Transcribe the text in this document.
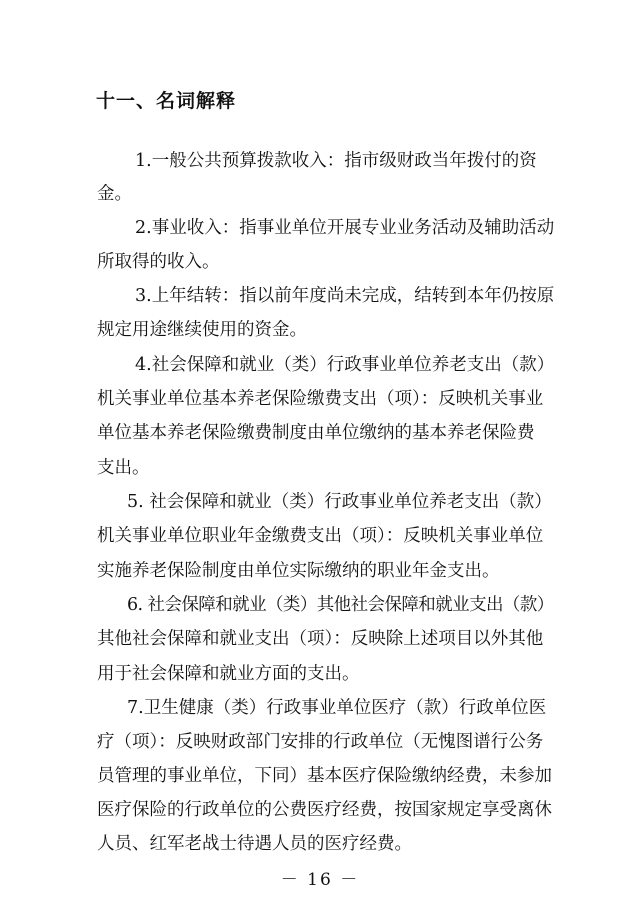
十一、名词解释
1.一般公共预算拨款收入：指市级财政当年拨付的资
金。
2.事业收入：指事业单位开展专业业务活动及辅助活动
所取得的收入。
3.上年结转：指以前年度尚未完成，结转到本年仍按原
规定用途继续使用的资金。
4.社会保障和就业（类）行政事业单位养老支出（款）
机关事业单位基本养老保险缴费支出（项）：反映机关事业
单位基本养老保险缴费制度由单位缴纳的基本养老保险费
支出。
5. 社会保障和就业（类）行政事业单位养老支出（款）
机关事业单位职业年金缴费支出（项）：反映机关事业单位
实施养老保险制度由单位实际缴纳的职业年金支出。
6. 社会保障和就业（类）其他社会保障和就业支出（款）
其他社会保障和就业支出（项）：反映除上述项目以外其他
用于社会保障和就业方面的支出。
7.卫生健康（类）行政事业单位医疗（款）行政单位医
疗（项）：反映财政部门安排的行政单位（无愧图谱行公务
员管理的事业单位，下同）基本医疗保险缴纳经费，未参加
医疗保险的行政单位的公费医疗经费，按国家规定享受离休
人员、红军老战士待遇人员的医疗经费。
－ 16 －
